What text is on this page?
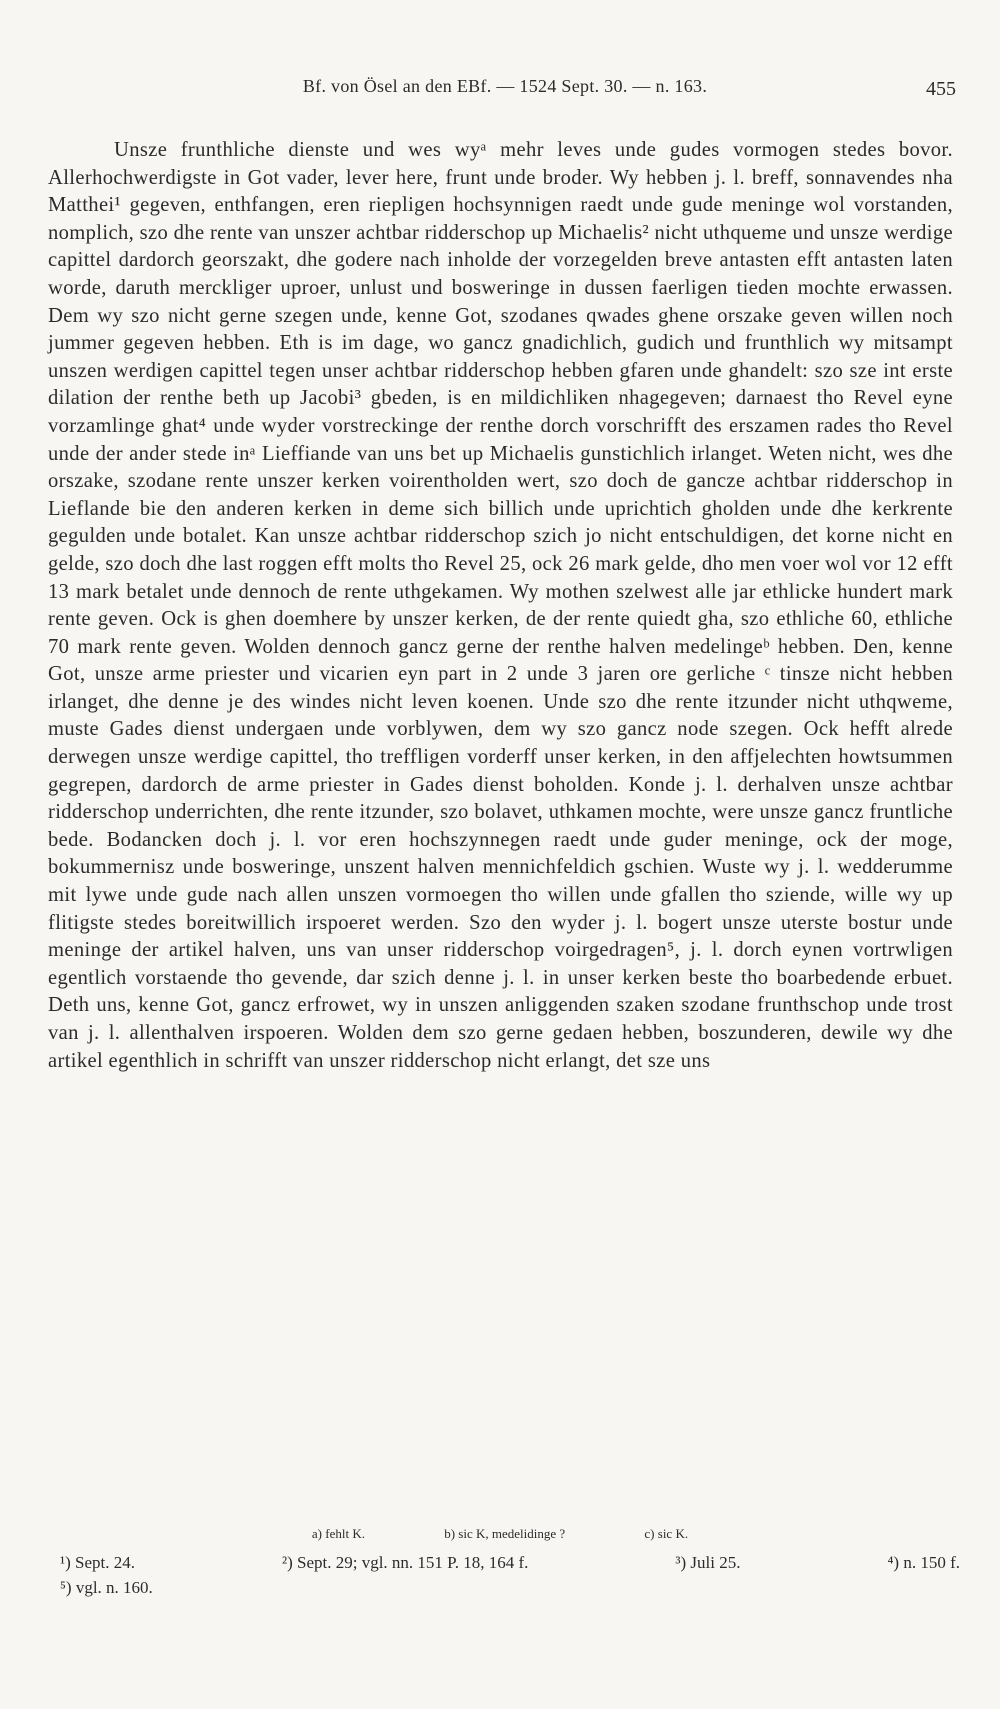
Bf. von Ösel an den EBf. — 1524 Sept. 30. — n. 163.	455

Unsze frunthliche dienste und wes wyᵃ mehr leves unde gudes vormogen stedes bovor. Allerhochwerdigste in Got vader, lever here, frunt unde broder. Wy hebben j. l. breff, sonnavendes nha Matthei¹ gegeven, enthfangen, eren riepligen hochsynnigen raedt unde gude meninge wol vorstanden, nomplich, szo dhe rente van unszer achtbar ridderschop up Michaelis² nicht uthqueme und unsze werdige capittel dardorch georszakt, dhe godere nach inholde der vorzegelden breve antasten efft antasten laten worde, daruth merckliger uproer, unlust und bosweringe in dussen faerligen tieden mochte erwassen. Dem wy szo nicht gerne szegen unde, kenne Got, szodanes qwades ghene orszake geven willen noch jummer gegeven hebben. Eth is im dage, wo gancz gnadichlich, gudich und frunthlich wy mitsampt unszen werdigen capittel tegen unser achtbar ridderschop hebben gfaren unde ghandelt: szo sze int erste dilation der renthe beth up Jacobi³ gbeden, is en mildichliken nhagegeven; darnaest tho Revel eyne vorzamlinge ghat⁴ unde wyder vorstreckinge der renthe dorch vorschrifft des erszamen rades tho Revel unde der ander stede inᵃ Lieffiande van uns bet up Michaelis gunstichlich irlanget. Weten nicht, wes dhe orszake, szodane rente unszer kerken voirentholden wert, szo doch de gancze achtbar ridderschop in Lieflande bie den anderen kerken in deme sich billich unde uprichtich gholden unde dhe kerkrente gegulden unde botalet. Kan unsze achtbar ridderschop szich jo nicht entschuldigen, det korne nicht en gelde, szo doch dhe last roggen efft molts tho Revel 25, ock 26 mark gelde, dho men voer wol vor 12 efft 13 mark betalet unde dennoch de rente uthgekamen. Wy mothen szelwest alle jar ethlicke hundert mark rente geven. Ock is ghen doemhere by unszer kerken, de der rente quiedt gha, szo ethliche 60, ethliche 70 mark rente geven. Wolden dennoch gancz gerne der renthe halven medelingeᵇ hebben. Den, kenne Got, unsze arme priester und vicarien eyn part in 2 unde 3 jaren ore gerliche ᶜ tinsze nicht hebben irlanget, dhe denne je des windes nicht leven koenen. Unde szo dhe rente itzunder nicht uthqweme, muste Gades dienst undergaen unde vorblywen, dem wy szo gancz node szegen. Ock hefft alrede derwegen unsze werdige capittel, tho treffligen vorderff unser kerken, in den affjelechten howtsummen gegrepen, dardorch de arme priester in Gades dienst boholden. Konde j. l. derhalven unsze achtbar ridderschop underrichten, dhe rente itzunder, szo bolavet, uthkamen mochte, were unsze gancz fruntliche bede. Bodancken doch j. l. vor eren hochszynnegen raedt unde guder meninge, ock der moge, bokummernisz unde bosweringe, unszent halven mennichfeldich gschien. Wuste wy j. l. wedderumme mit lywe unde gude nach allen unszen vormoegen tho willen unde gfallen tho sziende, wille wy up flitigste stedes boreitwillich irspoeret werden. Szo den wyder j. l. bogert unsze uterste bostur unde meninge der artikel halven, uns van unser ridderschop voirgedragen⁵, j. l. dorch eynen vortrwligen egentlich vorstaende tho gevende, dar szich denne j. l. in unser kerken beste tho boarbedende erbuet. Deth uns, kenne Got, gancz erfrowet, wy in unszen anliggenden szaken szodane frunthschop unde trost van j. l. allenthalven irspoeren. Wolden dem szo gerne gedaen hebben, boszunderen, dewile wy dhe artikel egenthlich in schrifft van unszer ridderschop nicht erlangt, det sze uns

a) fehlt K.	b) sic K, medelidinge ?	c) sic K.
¹) Sept. 24.	²) Sept. 29; vgl. nn. 151 P. 18, 164 f.	³) Juli 25.	⁴) n. 150 f.
⁵) vgl. n. 160.
